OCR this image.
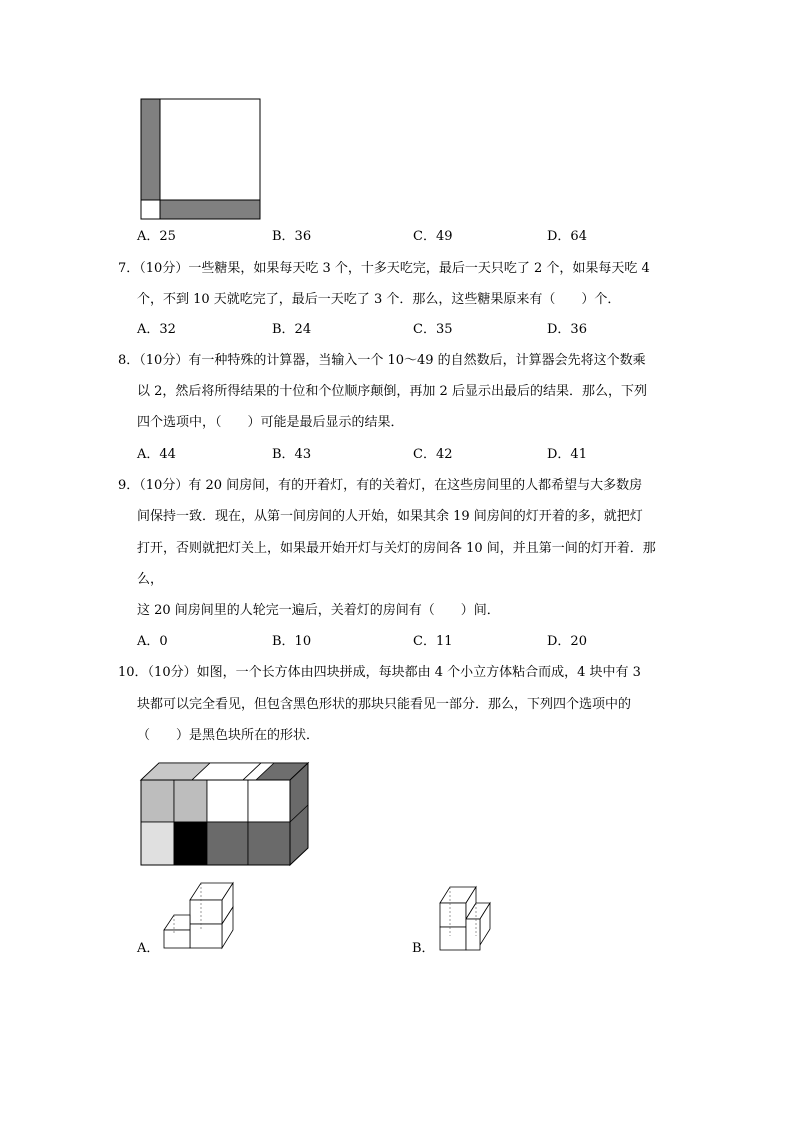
A．25	B．36	C．49	D．64
7．（10分）一些糖果，如果每天吃 3 个，十多天吃完，最后一天只吃了 2 个，如果每天吃 4
个，不到 10 天就吃完了，最后一天吃了 3 个．那么，这些糖果原来有（　　）个．
A．32	B．24	C．35	D．36
8．（10分）有一种特殊的计算器，当输入一个 10～49 的自然数后，计算器会先将这个数乘
以 2，然后将所得结果的十位和个位顺序颠倒，再加 2 后显示出最后的结果．那么，下列
四个选项中，（　　）可能是最后显示的结果．
A．44	B．43	C．42	D．41
9．（10分）有 20 间房间，有的开着灯，有的关着灯，在这些房间里的人都希望与大多数房
间保持一致．现在，从第一间房间的人开始，如果其余 19 间房间的灯开着的多，就把灯
打开，否则就把灯关上，如果最开始开灯与关灯的房间各 10 间，并且第一间的灯开着．那
么，
这 20 间房间里的人轮完一遍后，关着灯的房间有（　　）间．
A．0	B．10	C．11	D．20
10．（10分）如图，一个长方体由四块拼成，每块都由 4 个小立方体粘合而成，4 块中有 3
块都可以完全看见，但包含黑色形状的那块只能看见一部分．那么，下列四个选项中的
（　　）是黑色块所在的形状．
A．	B．
